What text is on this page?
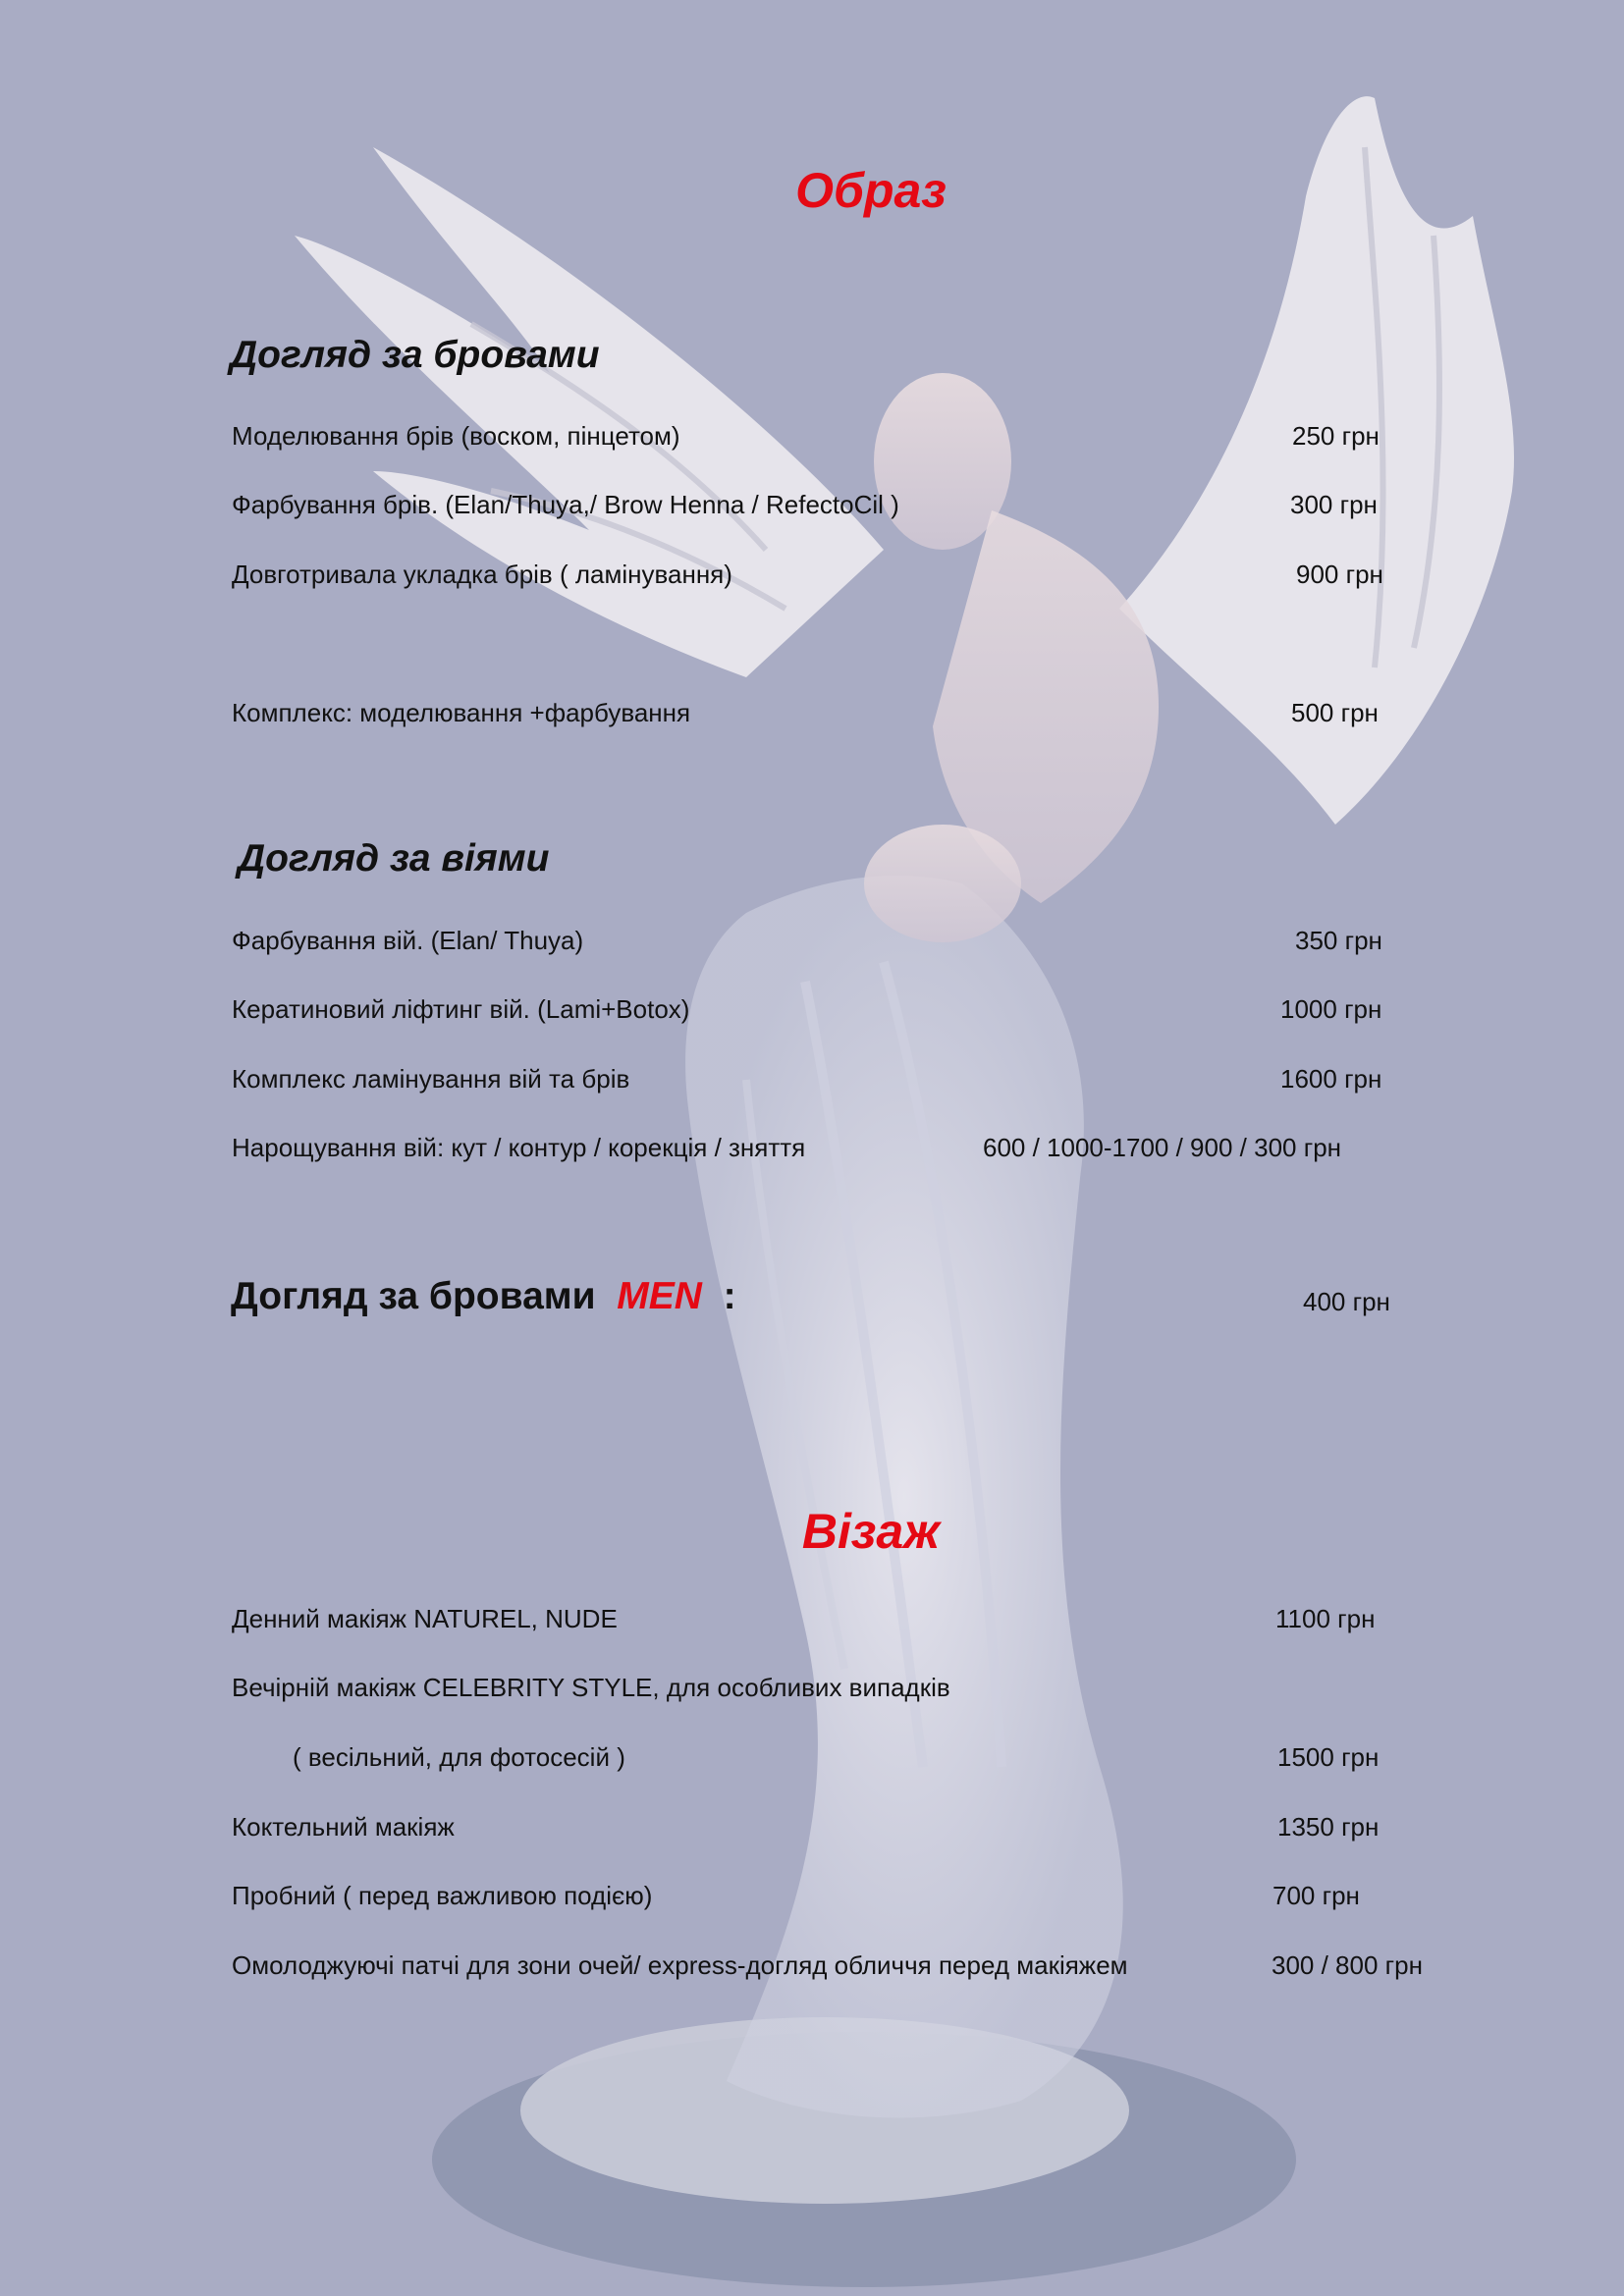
Образ
Догляд за бровами
Моделювання брів (воском, пінцетом)	250 грн
Фарбування брів. (Elan/Thuya,/ Brow Henna / RefectoCil )	300 грн
Довготривала укладка брів ( ламінування)	900 грн
Комплекс: моделювання +фарбування	500 грн
Догляд за віями
Фарбування вій. (Elan/ Thuya)	350 грн
Кератиновий ліфтинг вій. (Lami+Botox)	1000 грн
Комплекс ламінування вій та брів	1600 грн
Нарощування вій: кут / контур / корекція / зняття	600 / 1000-1700 / 900 / 300 грн
Догляд за бровами MEN :	400 грн
Візаж
Денний макіяж NATUREL, NUDE	1100 грн
Вечірній макіяж CELEBRITY STYLE, для особливих випадків
( весільний, для фотосесій )	1500 грн
Коктельний макіяж	1350 грн
Пробний ( перед важливою подією)	700 грн
Омолоджуючі патчі для зони очей/ express-догляд обличчя перед макіяжем	300 / 800 грн
